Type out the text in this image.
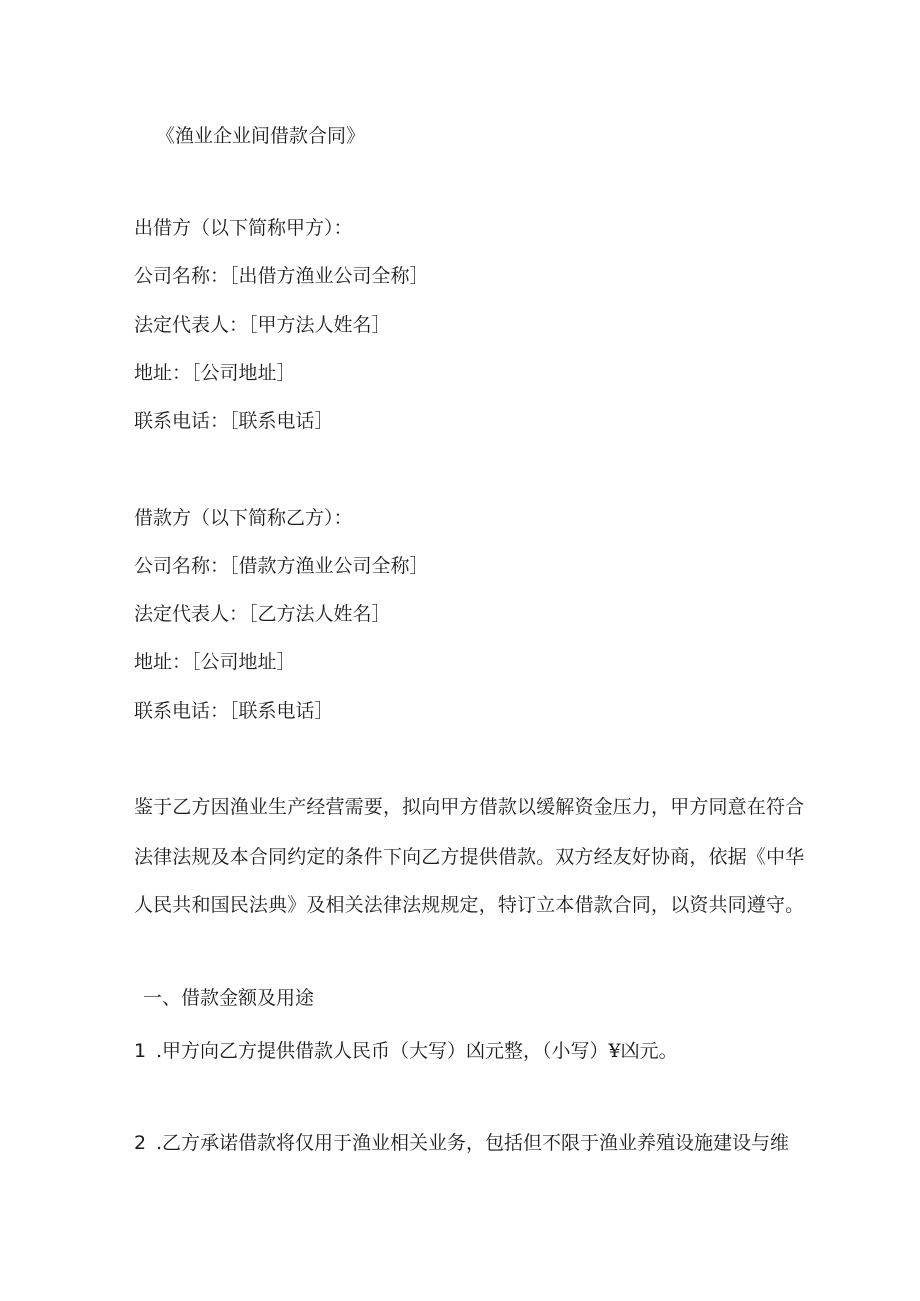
《渔业企业间借款合同》
出借方（以下简称甲方）：
公司名称：［出借方渔业公司全称］
法定代表人：［甲方法人姓名］
地址：［公司地址］
联系电话：［联系电话］
借款方（以下简称乙方）：
公司名称：［借款方渔业公司全称］
法定代表人：［乙方法人姓名］
地址：［公司地址］
联系电话：［联系电话］
鉴于乙方因渔业生产经营需要，拟向甲方借款以缓解资金压力，甲方同意在符合
法律法规及本合同约定的条件下向乙方提供借款。双方经友好协商，依据《中华
人民共和国民法典》及相关法律法规规定，特订立本借款合同，以资共同遵守。
一、借款金额及用途
1 .甲方向乙方提供借款人民币（大写）凶元整，（小写）¥凶元。
2 .乙方承诺借款将仅用于渔业相关业务，包括但不限于渔业养殖设施建设与维
